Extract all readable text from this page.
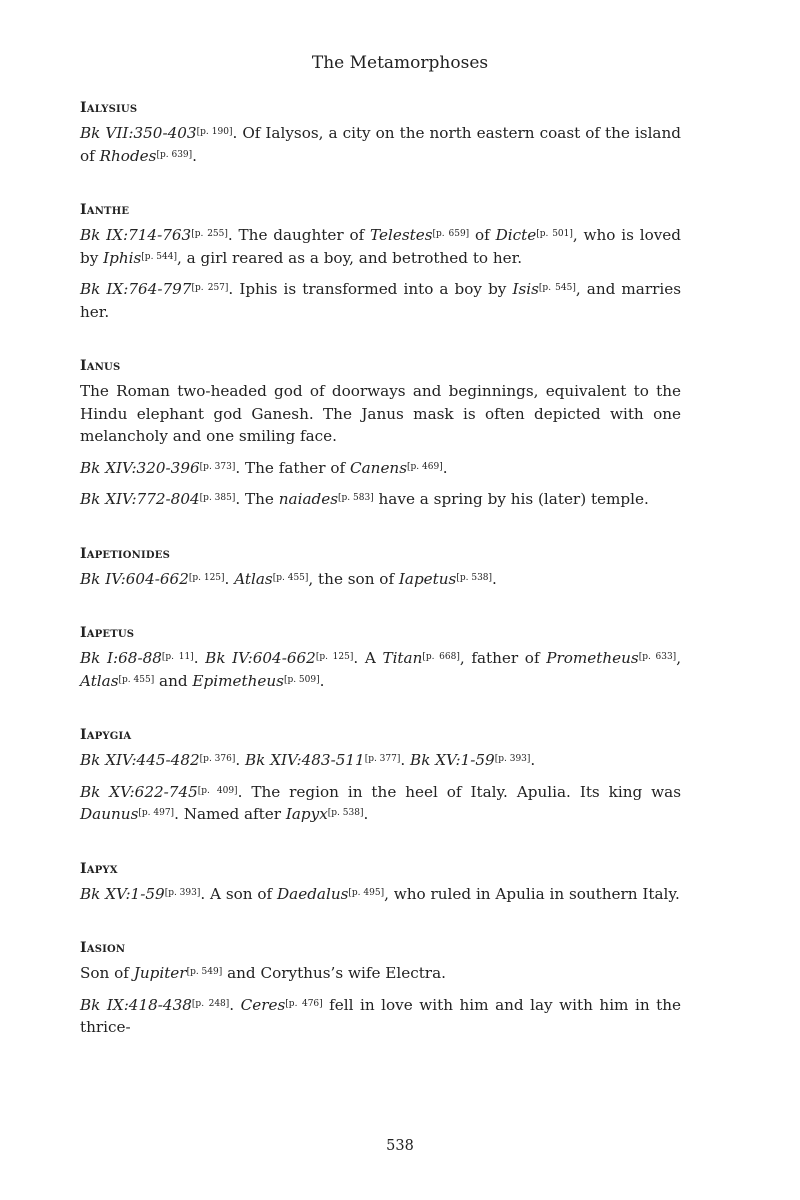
The Metamorphoses
Ialysius
Bk VII:350-403[p. 190]. Of Ialysos, a city on the north eastern coast of the island of Rhodes[p. 639].
Ianthe
Bk IX:714-763[p. 255]. The daughter of Telestes[p. 659] of Dicte[p. 501], who is loved by Iphis[p. 544], a girl reared as a boy, and betrothed to her.
Bk IX:764-797[p. 257]. Iphis is transformed into a boy by Isis[p. 545], and marries her.
Ianus
The Roman two-headed god of doorways and beginnings, equivalent to the Hindu elephant god Ganesh. The Janus mask is often depicted with one melancholy and one smiling face.
Bk XIV:320-396[p. 373]. The father of Canens[p. 469].
Bk XIV:772-804[p. 385]. The naiades[p. 583] have a spring by his (later) temple.
Iapetionides
Bk IV:604-662[p. 125]. Atlas[p. 455], the son of Iapetus[p. 538].
Iapetus
Bk I:68-88[p. 11]. Bk IV:604-662[p. 125]. A Titan[p. 668], father of Prometheus[p. 633], Atlas[p. 455] and Epimetheus[p. 509].
Iapygia
Bk XIV:445-482[p. 376]. Bk XIV:483-511[p. 377]. Bk XV:1-59[p. 393].
Bk XV:622-745[p. 409]. The region in the heel of Italy. Apulia. Its king was Daunus[p. 497]. Named after Iapyx[p. 538].
Iapyx
Bk XV:1-59[p. 393]. A son of Daedalus[p. 495], who ruled in Apulia in southern Italy.
Iasion
Son of Jupiter[p. 549] and Corythus’s wife Electra.
Bk IX:418-438[p. 248]. Ceres[p. 476] fell in love with him and lay with him in the thrice-
538
